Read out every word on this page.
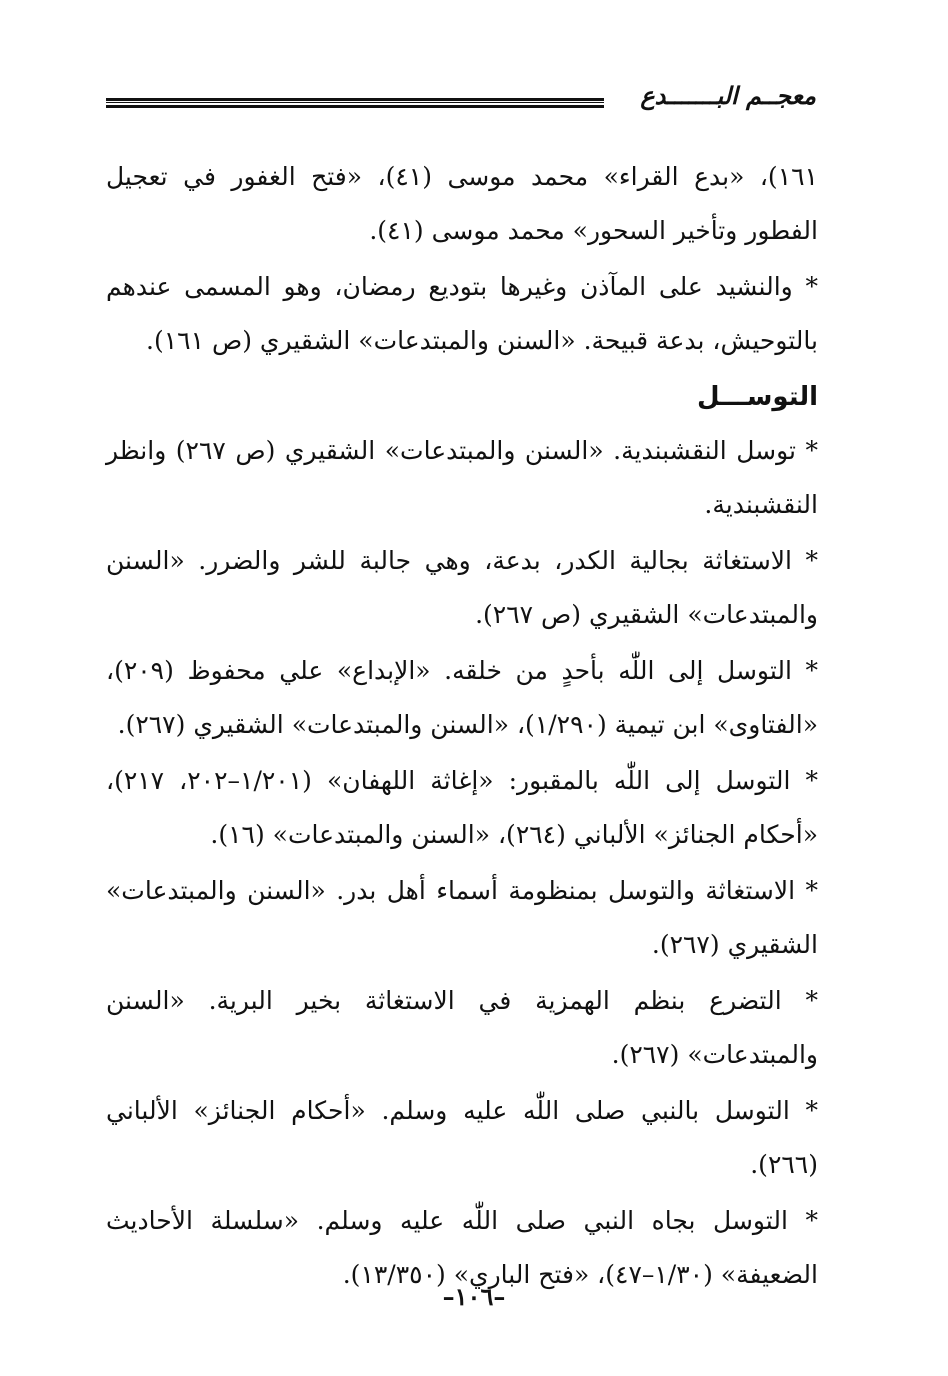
معجــم البـــــــدع

١٦١)، «بدع القراء» محمد موسى (٤١)، «فتح الغفور في تعجيل الفطور وتأخير السحور» محمد موسى (٤١).

* والنشيد على المآذن وغيرها بتوديع رمضان، وهو المسمى عندهم بالتوحيش، بدعة قبيحة. «السنن والمبتدعات» الشقيري (ص ١٦١).

التوســـل

* توسل النقشبندية. «السنن والمبتدعات» الشقيري (ص ٢٦٧) وانظر النقشبندية.

* الاستغاثة بجالية الكدر، بدعة، وهي جالبة للشر والضرر. «السنن والمبتدعات» الشقيري (ص ٢٦٧).

* التوسل إلى اللّٰه بأحدٍ من خلقه. «الإبداع» علي محفوظ (٢٠٩)، «الفتاوى» ابن تيمية (١/٢٩٠)، «السنن والمبتدعات» الشقيري (٢٦٧).

* التوسل إلى اللّٰه بالمقبور: «إغاثة اللهفان» (١/٢٠١–٢٠٢، ٢١٧)، «أحكام الجنائز» الألباني (٢٦٤)، «السنن والمبتدعات» (١٦).

* الاستغاثة والتوسل بمنظومة أسماء أهل بدر. «السنن والمبتدعات» الشقيري (٢٦٧).

* التضرع بنظم الهمزية في الاستغاثة بخير البرية. «السنن والمبتدعات» (٢٦٧).

* التوسل بالنبي صلى اللّٰه عليه وسلم. «أحكام الجنائز» الألباني (٢٦٦).

* التوسل بجاه النبي صلى اللّٰه عليه وسلم. «سلسلة الأحاديث الضعيفة» (١/٣٠–٤٧)، «فتح الباري» (١٣/٣٥٠).

–١٠٦–
